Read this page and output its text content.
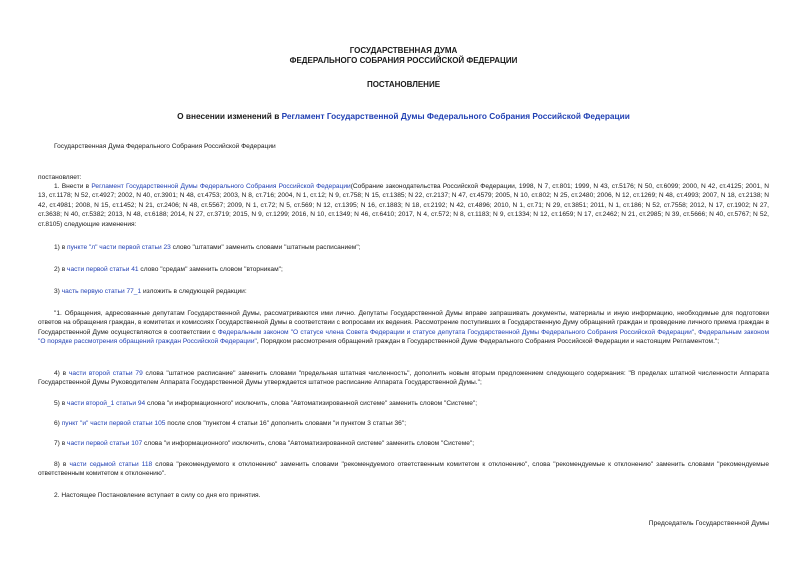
ГОСУДАРСТВЕННАЯ ДУМА
ФЕДЕРАЛЬНОГО СОБРАНИЯ РОССИЙСКОЙ ФЕДЕРАЦИИ
ПОСТАНОВЛЕНИЕ
О внесении изменений в Регламент Государственной Думы Федерального Собрания Российской Федерации

Государственная Дума Федерального Собрания Российской Федерации

постановляет:

1. Внести в Регламент Государственной Думы Федерального Собрания Российской Федерации(Собрание законодательства Российской Федерации, 1998, N 7, ст.801; 1999, N 43, ст.5176; N 50, ст.6099; 2000, N 42, ст.4125; 2001, N 13, ст.1178; N 52, ст.4927; 2002, N 40, ст.3901; N 48, ст.4753; 2003, N 8, ст.716; 2004, N 1, ст.12; N 9, ст.758; N 15, ст.1385; N 22, ст.2137; N 47, ст.4579; 2005, N 10, ст.802; N 25, ст.2480; 2006, N 12, ст.1269; N 48, ст.4993; 2007, N 18, ст.2138; N 42, ст.4981; 2008, N 15, ст.1452; N 21, ст.2406; N 48, ст.5567; 2009, N 1, ст.72; N 5, ст.569; N 12, ст.1395; N 16, ст.1883; N 18, ст.2192; N 42, ст.4896; 2010, N 1, ст.71; N 29, ст.3851; 2011, N 1, ст.186; N 52, ст.7558; 2012, N 17, ст.1902; N 27, ст.3638; N 40, ст.5382; 2013, N 48, ст.6188; 2014, N 27, ст.3719; 2015, N 9, ст.1299; 2016, N 10, ст.1349; N 46, ст.6410; 2017, N 4, ст.572; N 8, ст.1183; N 9, ст.1334; N 12, ст.1659; N 17, ст.2462; N 21, ст.2985; N 39, ст.5666; N 40, ст.5767; N 52, ст.8105) следующие изменения:

1) в пункте "л" части первой статьи 23 слово "штатами" заменить словами "штатным расписанием";

2) в части первой статьи 41 слово "средам" заменить словом "вторникам";

3) часть первую статьи 77_1 изложить в следующей редакции:

"1. Обращения, адресованные депутатам Государственной Думы, рассматриваются ими лично. Депутаты Государственной Думы вправе запрашивать документы, материалы и иную информацию, необходимые для подготовки ответов на обращения граждан, в комитетах и комиссиях Государственной Думы в соответствии с вопросами их ведения. Рассмотрение поступивших в Государственную Думу обращений граждан и проведение личного приема граждан в Государственной Думе осуществляются в соответствии с Федеральным законом "О статусе члена Совета Федерации и статусе депутата Государственной Думы Федерального Собрания Российской Федерации", Федеральным законом "О порядке рассмотрения обращений граждан Российской Федерации", Порядком рассмотрения обращений граждан в Государственной Думе Федерального Собрания Российской Федерации и настоящим Регламентом.";

4) в части второй статьи 79 слова "штатное расписание" заменить словами "предельная штатная численность", дополнить новым вторым предложением следующего содержания: "В пределах штатной численности Аппарата Государственной Думы Руководителем Аппарата Государственной Думы утверждается штатное расписание Аппарата Государственной Думы.";

5) в части второй_1 статьи 94 слова "и информационного" исключить, слова "Автоматизированной системе" заменить словом "Системе";

6) пункт "и" части первой статьи 105 после слов "пунктом 4 статьи 16" дополнить словами "и пунктом 3 статьи 36";

7) в части первой статьи 107 слова "и информационного" исключить, слова "Автоматизированной системе" заменить словом "Системе";

8) в части седьмой статьи 118 слова "рекомендуемого к отклонению" заменить словами "рекомендуемого ответственным комитетом к отклонению", слова "рекомендуемые к отклонению" заменить словами "рекомендуемые ответственным комитетом к отклонению".

2. Настоящее Постановление вступает в силу со дня его принятия.

Председатель Государственной Думы
